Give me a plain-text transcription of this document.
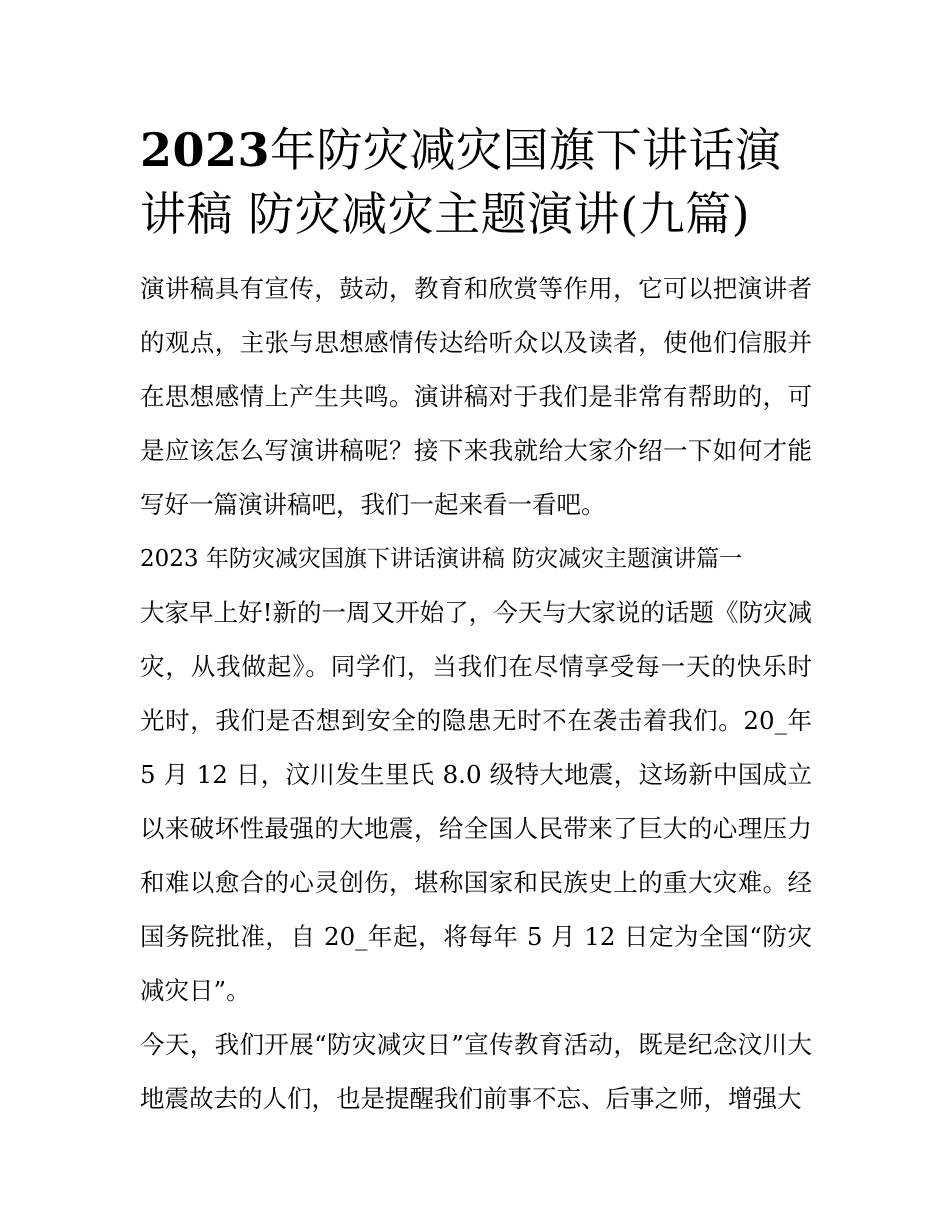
2023年防灾减灾国旗下讲话演讲稿 防灾减灾主题演讲(九篇)

演讲稿具有宣传，鼓动，教育和欣赏等作用，它可以把演讲者的观点，主张与思想感情传达给听众以及读者，使他们信服并在思想感情上产生共鸣。演讲稿对于我们是非常有帮助的，可是应该怎么写演讲稿呢？接下来我就给大家介绍一下如何才能写好一篇演讲稿吧，我们一起来看一看吧。

2023 年防灾减灾国旗下讲话演讲稿 防灾减灾主题演讲篇一

大家早上好!新的一周又开始了，今天与大家说的话题《防灾减灾，从我做起》。同学们，当我们在尽情享受每一天的快乐时光时，我们是否想到安全的隐患无时不在袭击着我们。20_年 5 月 12 日，汶川发生里氏 8.0 级特大地震，这场新中国成立以来破坏性最强的大地震，给全国人民带来了巨大的心理压力和难以愈合的心灵创伤，堪称国家和民族史上的重大灾难。经国务院批准，自 20_年起，将每年 5 月 12 日定为全国“防灾减灾日”。

今天，我们开展“防灾减灾日”宣传教育活动，既是纪念汶川大地震故去的人们，也是提醒我们前事不忘、后事之师，增强大
